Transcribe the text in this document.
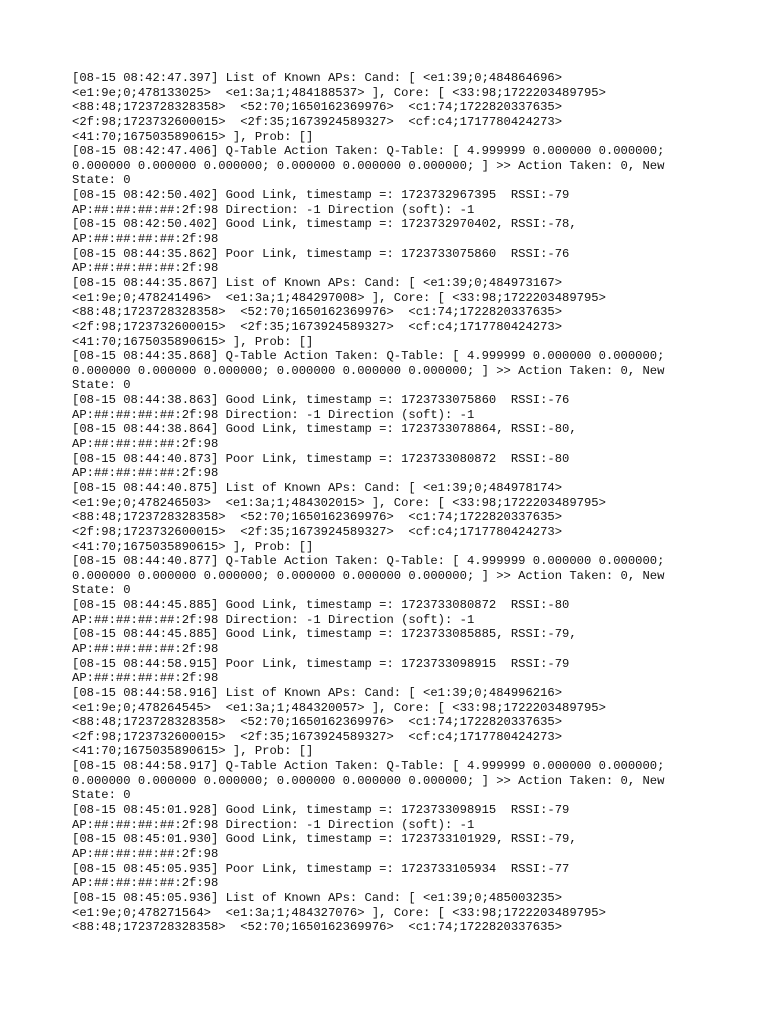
[08-15 08:42:47.397] List of Known APs: Cand: [ <e1:39;0;484864696>
<e1:9e;0;478133025>  <e1:3a;1;484188537> ], Core: [ <33:98;1722203489795>
<88:48;1723728328358>  <52:70;1650162369976>  <c1:74;1722820337635>
<2f:98;1723732600015>  <2f:35;1673924589327>  <cf:c4;1717780424273>
<41:70;1675035890615> ], Prob: []
[08-15 08:42:47.406] Q-Table Action Taken: Q-Table: [ 4.999999 0.000000 0.000000;
0.000000 0.000000 0.000000; 0.000000 0.000000 0.000000; ] >> Action Taken: 0, New
State: 0
[08-15 08:42:50.402] Good Link, timestamp =: 1723732967395  RSSI:-79
AP:##:##:##:##:2f:98 Direction: -1 Direction (soft): -1
[08-15 08:42:50.402] Good Link, timestamp =: 1723732970402, RSSI:-78,
AP:##:##:##:##:2f:98
[08-15 08:44:35.862] Poor Link, timestamp =: 1723733075860  RSSI:-76
AP:##:##:##:##:2f:98
[08-15 08:44:35.867] List of Known APs: Cand: [ <e1:39;0;484973167>
<e1:9e;0;478241496>  <e1:3a;1;484297008> ], Core: [ <33:98;1722203489795>
<88:48;1723728328358>  <52:70;1650162369976>  <c1:74;1722820337635>
<2f:98;1723732600015>  <2f:35;1673924589327>  <cf:c4;1717780424273>
<41:70;1675035890615> ], Prob: []
[08-15 08:44:35.868] Q-Table Action Taken: Q-Table: [ 4.999999 0.000000 0.000000;
0.000000 0.000000 0.000000; 0.000000 0.000000 0.000000; ] >> Action Taken: 0, New
State: 0
[08-15 08:44:38.863] Good Link, timestamp =: 1723733075860  RSSI:-76
AP:##:##:##:##:2f:98 Direction: -1 Direction (soft): -1
[08-15 08:44:38.864] Good Link, timestamp =: 1723733078864, RSSI:-80,
AP:##:##:##:##:2f:98
[08-15 08:44:40.873] Poor Link, timestamp =: 1723733080872  RSSI:-80
AP:##:##:##:##:2f:98
[08-15 08:44:40.875] List of Known APs: Cand: [ <e1:39;0;484978174>
<e1:9e;0;478246503>  <e1:3a;1;484302015> ], Core: [ <33:98;1722203489795>
<88:48;1723728328358>  <52:70;1650162369976>  <c1:74;1722820337635>
<2f:98;1723732600015>  <2f:35;1673924589327>  <cf:c4;1717780424273>
<41:70;1675035890615> ], Prob: []
[08-15 08:44:40.877] Q-Table Action Taken: Q-Table: [ 4.999999 0.000000 0.000000;
0.000000 0.000000 0.000000; 0.000000 0.000000 0.000000; ] >> Action Taken: 0, New
State: 0
[08-15 08:44:45.885] Good Link, timestamp =: 1723733080872  RSSI:-80
AP:##:##:##:##:2f:98 Direction: -1 Direction (soft): -1
[08-15 08:44:45.885] Good Link, timestamp =: 1723733085885, RSSI:-79,
AP:##:##:##:##:2f:98
[08-15 08:44:58.915] Poor Link, timestamp =: 1723733098915  RSSI:-79
AP:##:##:##:##:2f:98
[08-15 08:44:58.916] List of Known APs: Cand: [ <e1:39;0;484996216>
<e1:9e;0;478264545>  <e1:3a;1;484320057> ], Core: [ <33:98;1722203489795>
<88:48;1723728328358>  <52:70;1650162369976>  <c1:74;1722820337635>
<2f:98;1723732600015>  <2f:35;1673924589327>  <cf:c4;1717780424273>
<41:70;1675035890615> ], Prob: []
[08-15 08:44:58.917] Q-Table Action Taken: Q-Table: [ 4.999999 0.000000 0.000000;
0.000000 0.000000 0.000000; 0.000000 0.000000 0.000000; ] >> Action Taken: 0, New
State: 0
[08-15 08:45:01.928] Good Link, timestamp =: 1723733098915  RSSI:-79
AP:##:##:##:##:2f:98 Direction: -1 Direction (soft): -1
[08-15 08:45:01.930] Good Link, timestamp =: 1723733101929, RSSI:-79,
AP:##:##:##:##:2f:98
[08-15 08:45:05.935] Poor Link, timestamp =: 1723733105934  RSSI:-77
AP:##:##:##:##:2f:98
[08-15 08:45:05.936] List of Known APs: Cand: [ <e1:39;0;485003235>
<e1:9e;0;478271564>  <e1:3a;1;484327076> ], Core: [ <33:98;1722203489795>
<88:48;1723728328358>  <52:70;1650162369976>  <c1:74;1722820337635>
